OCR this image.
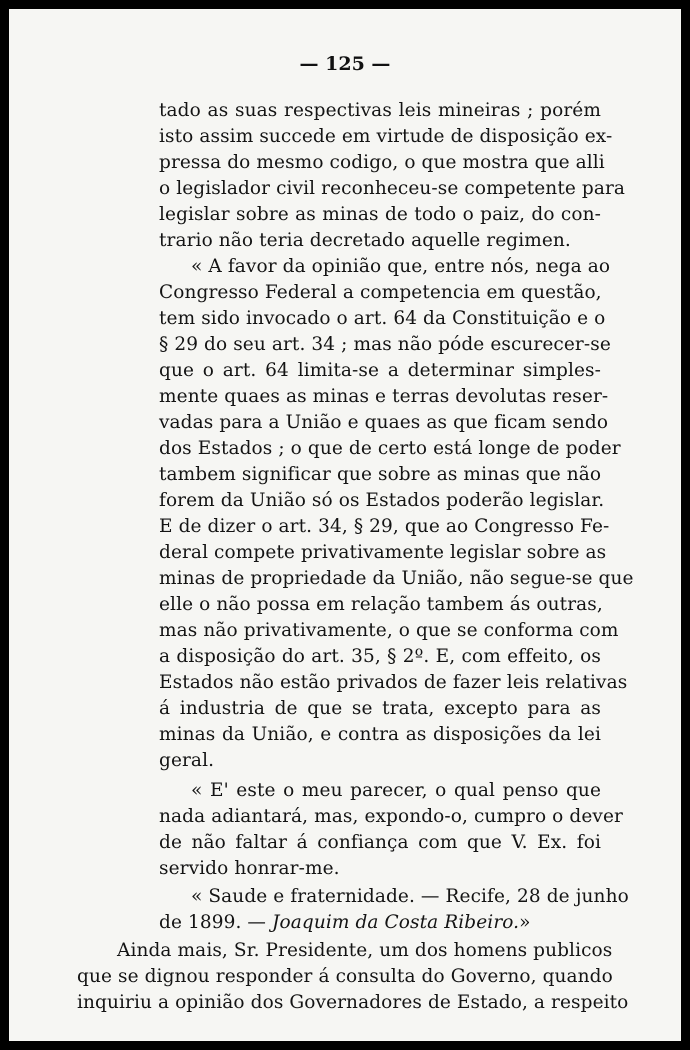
— 125 —

tado as suas respectivas leis mineiras ; porém

isto assim succede em virtude de disposição ex-

pressa do mesmo codigo, o que mostra que alli

o legislador civil reconheceu-se competente para

legislar sobre as minas de todo o paiz, do con-

trario não teria decretado aquelle regimen.

« A favor da opinião que, entre nós, nega ao

Congresso Federal a competencia em questão,

tem sido invocado o art. 64 da Constituição e o

§ 29 do seu art. 34 ; mas não póde escurecer-se

que o art. 64 limita-se a determinar simples-

mente quaes as minas e terras devolutas reser-

vadas para a União e quaes as que ficam sendo

dos Estados ; o que de certo está longe de poder

tambem significar que sobre as minas que não

forem da União só os Estados poderão legislar.

E de dizer o art. 34, § 29, que ao Congresso Fe-

deral compete privativamente legislar sobre as

minas de propriedade da União, não segue-se que

elle o não possa em relação tambem ás outras,

mas não privativamente, o que se conforma com

a disposição do art. 35, § 2º. E, com effeito, os

Estados não estão privados de fazer leis relativas

á industria de que se trata, excepto para as

minas da União, e contra as disposições da lei

geral.

« E' este o meu parecer, o qual penso que

nada adiantará, mas, expondo-o, cumpro o dever

de não faltar á confiança com que V. Ex. foi

servido honrar-me.

« Saude e fraternidade. — Recife, 28 de junho

de 1899. — Joaquim da Costa Ribeiro.»

Ainda mais, Sr. Presidente, um dos homens publicos

que se dignou responder á consulta do Governo, quando

inquiriu a opinião dos Governadores de Estado, a respeito
